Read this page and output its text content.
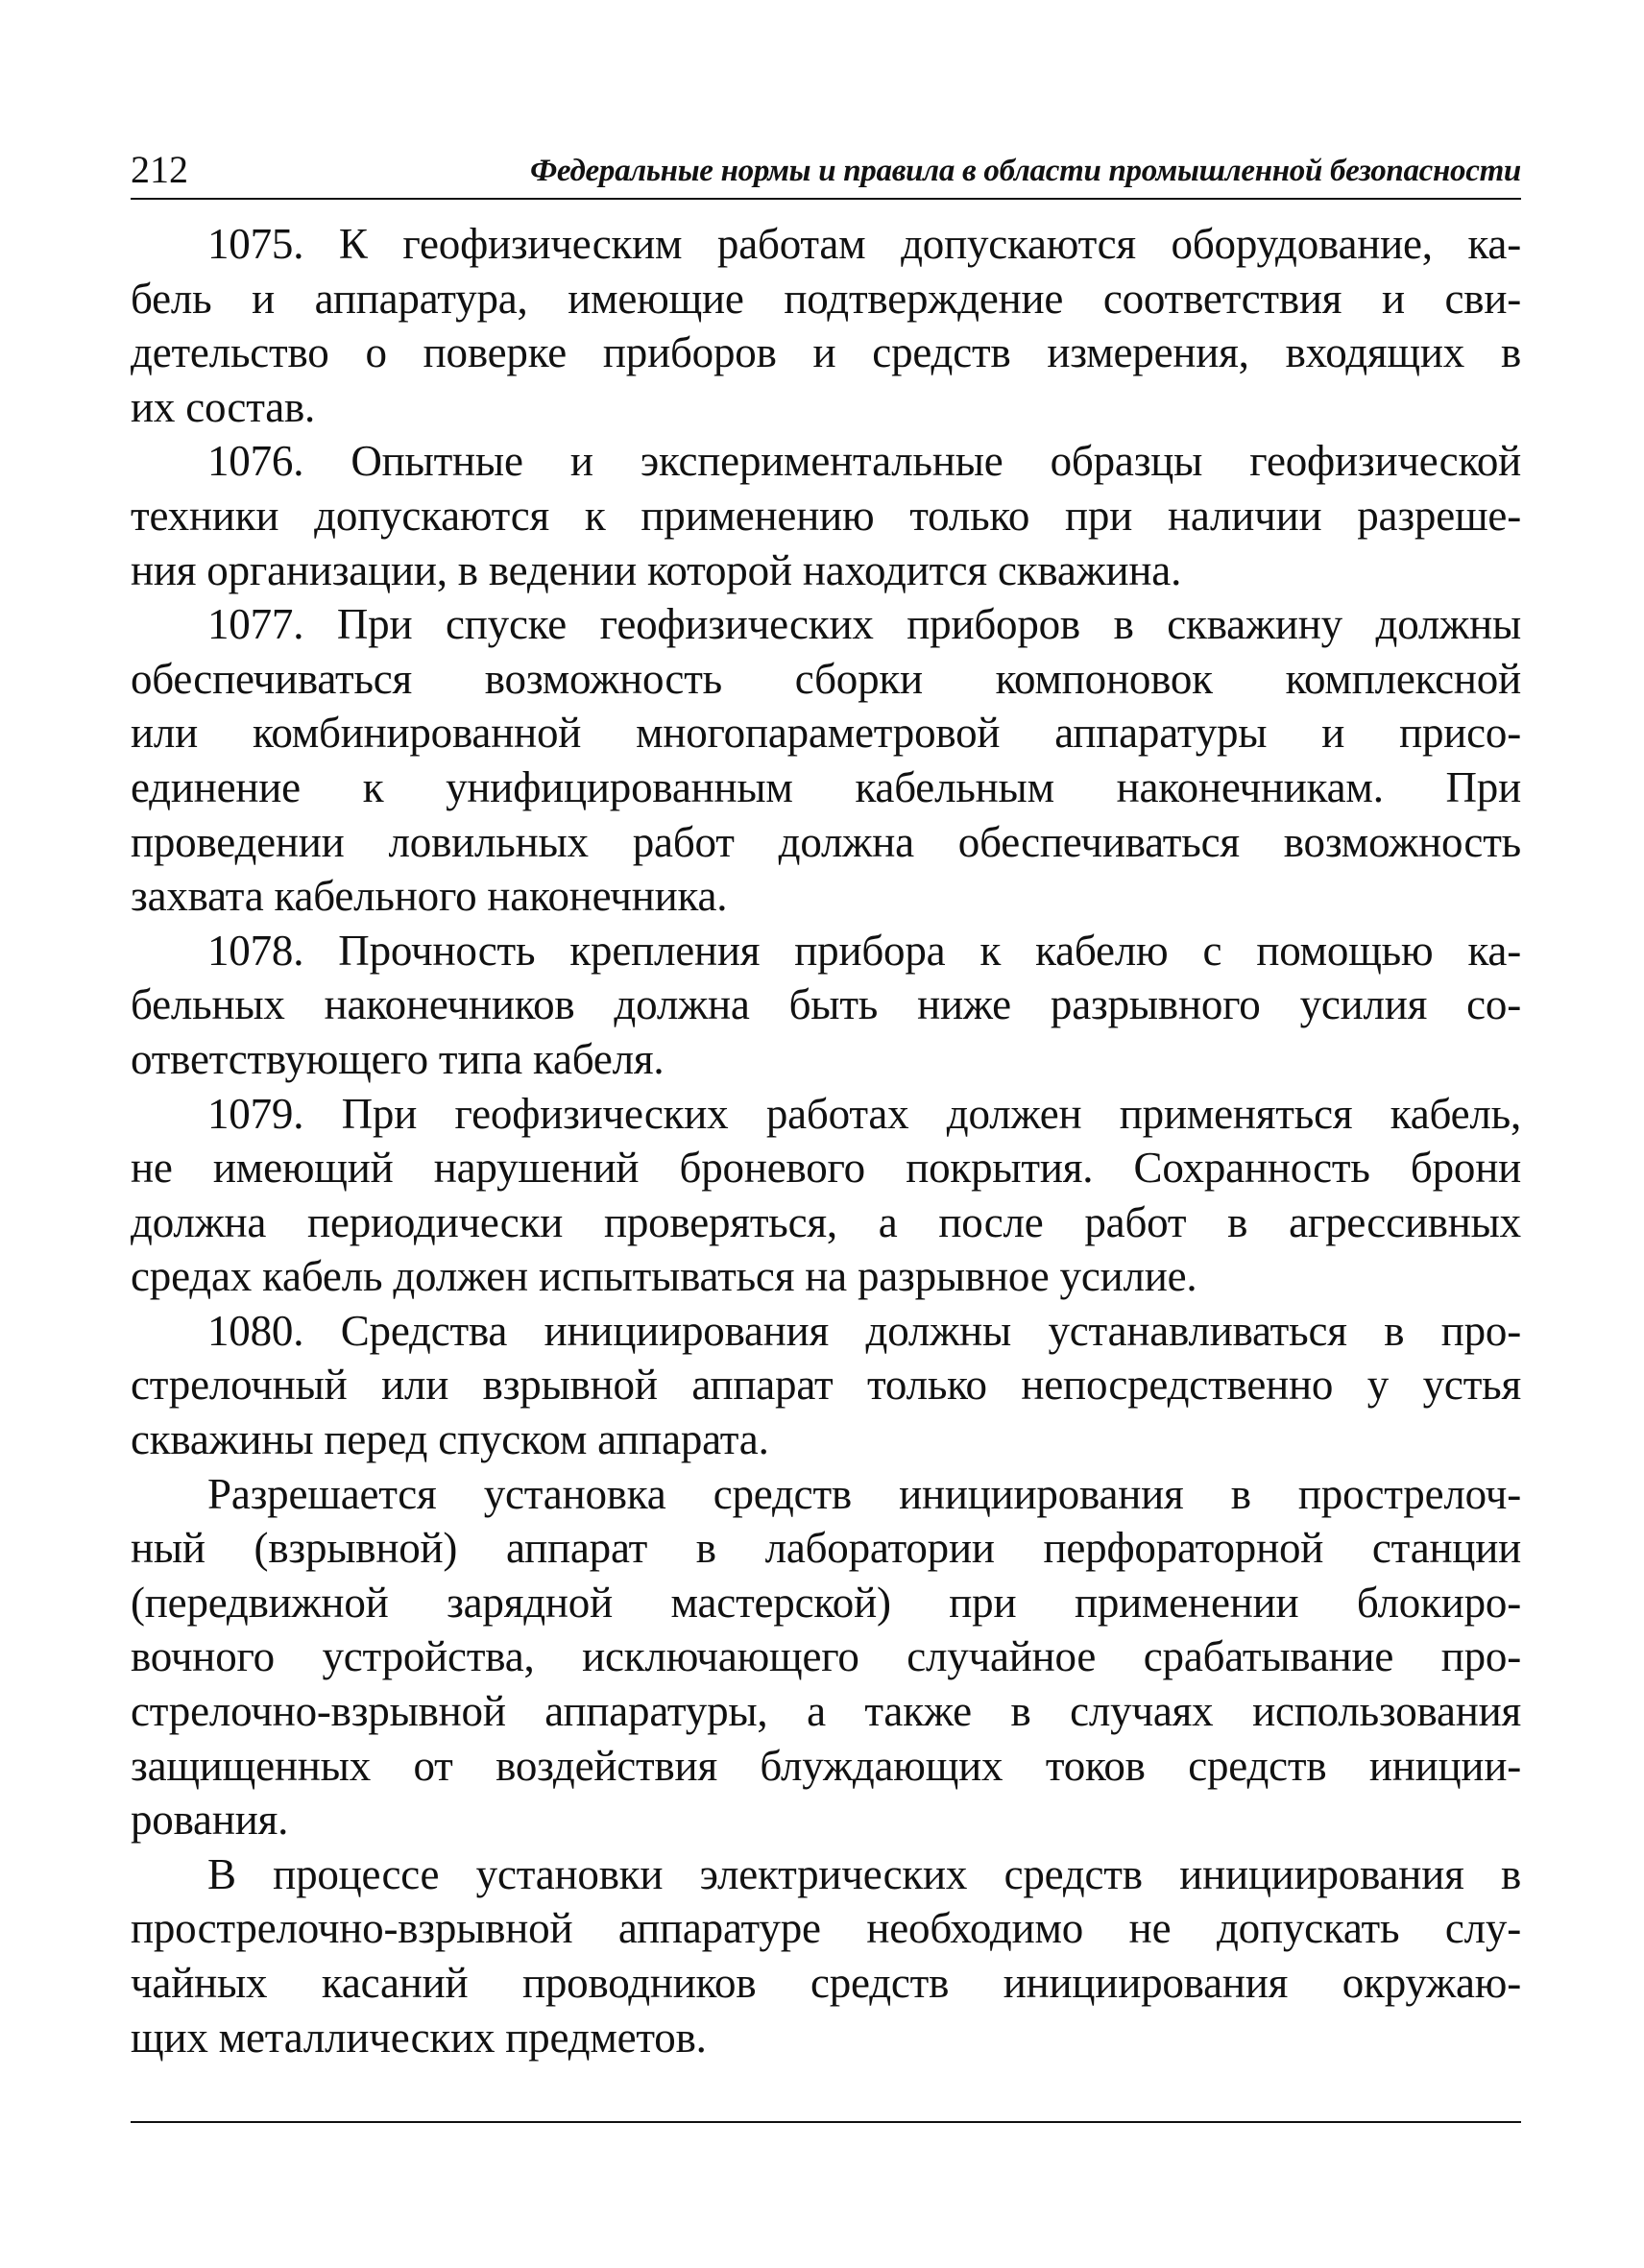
212	Федеральные нормы и правила в области промышленной безопасности
1075. К геофизическим работам допускаются оборудование, ка-
бель и аппаратура, имеющие подтверждение соответствия и сви-
детельство о поверке приборов и средств измерения, входящих в
их состав.
1076. Опытные и экспериментальные образцы геофизической
техники допускаются к применению только при наличии разреше-
ния организации, в ведении которой находится скважина.
1077. При спуске геофизических приборов в скважину должны
обеспечиваться возможность сборки компоновок комплексной
или комбинированной многопараметровой аппаратуры и присо-
единение к унифицированным кабельным наконечникам. При
проведении ловильных работ должна обеспечиваться возможность
захвата кабельного наконечника.
1078. Прочность крепления прибора к кабелю с помощью ка-
бельных наконечников должна быть ниже разрывного усилия со-
ответствующего типа кабеля.
1079. При геофизических работах должен применяться кабель,
не имеющий нарушений броневого покрытия. Сохранность брони
должна периодически проверяться, а после работ в агрессивных
средах кабель должен испытываться на разрывное усилие.
1080. Средства инициирования должны устанавливаться в про-
стрелочный или взрывной аппарат только непосредственно у устья
скважины перед спуском аппарата.
Разрешается установка средств инициирования в прострелоч-
ный (взрывной) аппарат в лаборатории перфораторной станции
(передвижной зарядной мастерской) при применении блокиро-
вочного устройства, исключающего случайное срабатывание про-
стрелочно-взрывной аппаратуры, а также в случаях использования
защищенных от воздействия блуждающих токов средств иниции-
рования.
В процессе установки электрических средств инициирования в
прострелочно-взрывной аппаратуре необходимо не допускать слу-
чайных касаний проводников средств инициирования окружаю-
щих металлических предметов.
